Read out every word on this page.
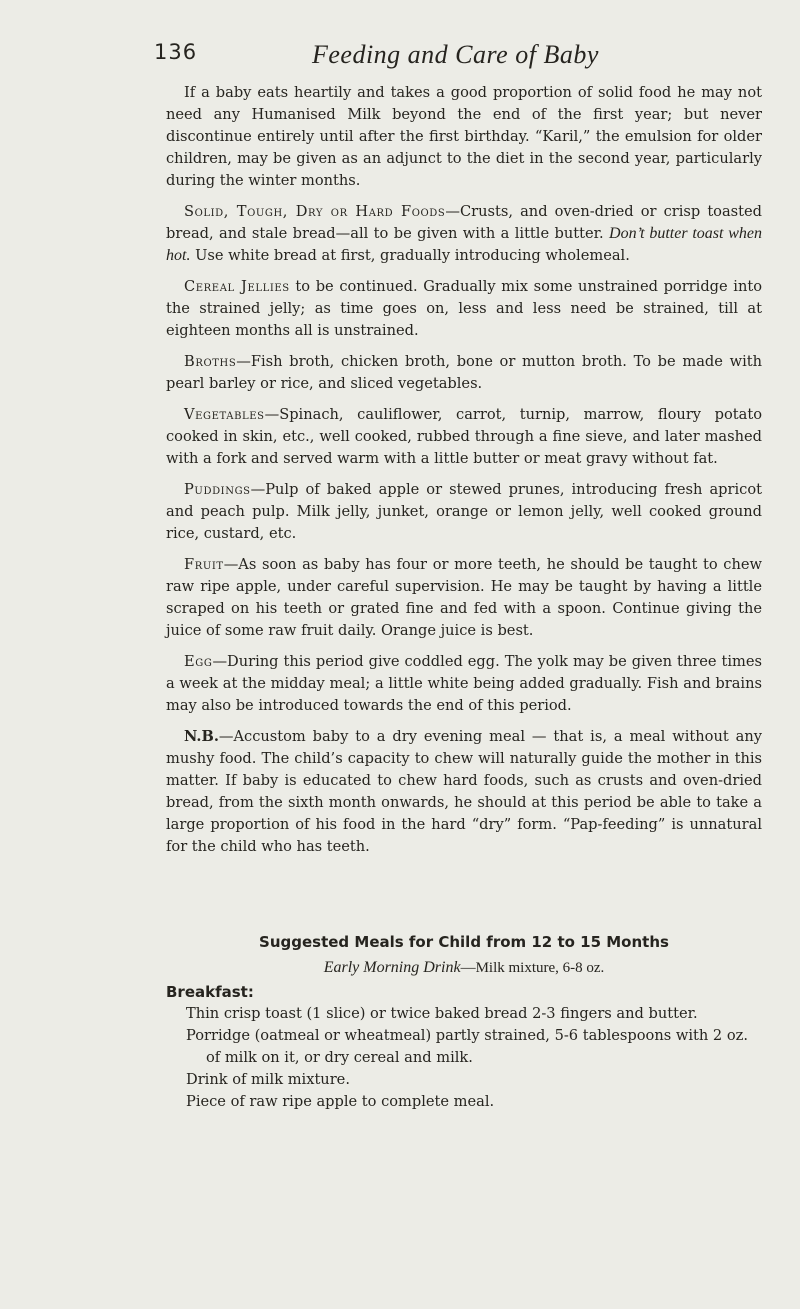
136	Feeding and Care of Baby

If a baby eats heartily and takes a good proportion of solid food he may not need any Humanised Milk beyond the end of the first year; but never discontinue entirely until after the first birthday. “Karil,” the emulsion for older children, may be given as an adjunct to the diet in the second year, particularly during the winter months.

Solid, Tough, Dry or Hard Foods—Crusts, and oven-dried or crisp toasted bread, and stale bread—all to be given with a little butter. Don’t butter toast when hot. Use white bread at first, gradually introducing wholemeal.

Cereal Jellies to be continued. Gradually mix some unstrained porridge into the strained jelly; as time goes on, less and less need be strained, till at eighteen months all is unstrained.

Broths—Fish broth, chicken broth, bone or mutton broth. To be made with pearl barley or rice, and sliced vegetables.

Vegetables—Spinach, cauliflower, carrot, turnip, marrow, floury potato cooked in skin, etc., well cooked, rubbed through a fine sieve, and later mashed with a fork and served warm with a little butter or meat gravy without fat.

Puddings—Pulp of baked apple or stewed prunes, introducing fresh apricot and peach pulp. Milk jelly, junket, orange or lemon jelly, well cooked ground rice, custard, etc.

Fruit—As soon as baby has four or more teeth, he should be taught to chew raw ripe apple, under careful supervision. He may be taught by having a little scraped on his teeth or grated fine and fed with a spoon. Continue giving the juice of some raw fruit daily. Orange juice is best.

Egg—During this period give coddled egg. The yolk may be given three times a week at the midday meal; a little white being added gradually. Fish and brains may also be introduced towards the end of this period.

N.B.—Accustom baby to a dry evening meal — that is, a meal without any mushy food. The child’s capacity to chew will naturally guide the mother in this matter. If baby is educated to chew hard foods, such as crusts and oven-dried bread, from the sixth month onwards, he should at this period be able to take a large proportion of his food in the hard “dry” form. “Pap-feeding” is unnatural for the child who has teeth.

Suggested Meals for Child from 12 to 15 Months
Early Morning Drink—Milk mixture, 6-8 oz.
Breakfast:
Thin crisp toast (1 slice) or twice baked bread 2-3 fingers and butter.
Porridge (oatmeal or wheatmeal) partly strained, 5-6 tablespoons with 2 oz. of milk on it, or dry cereal and milk.
Drink of milk mixture.
Piece of raw ripe apple to complete meal.
